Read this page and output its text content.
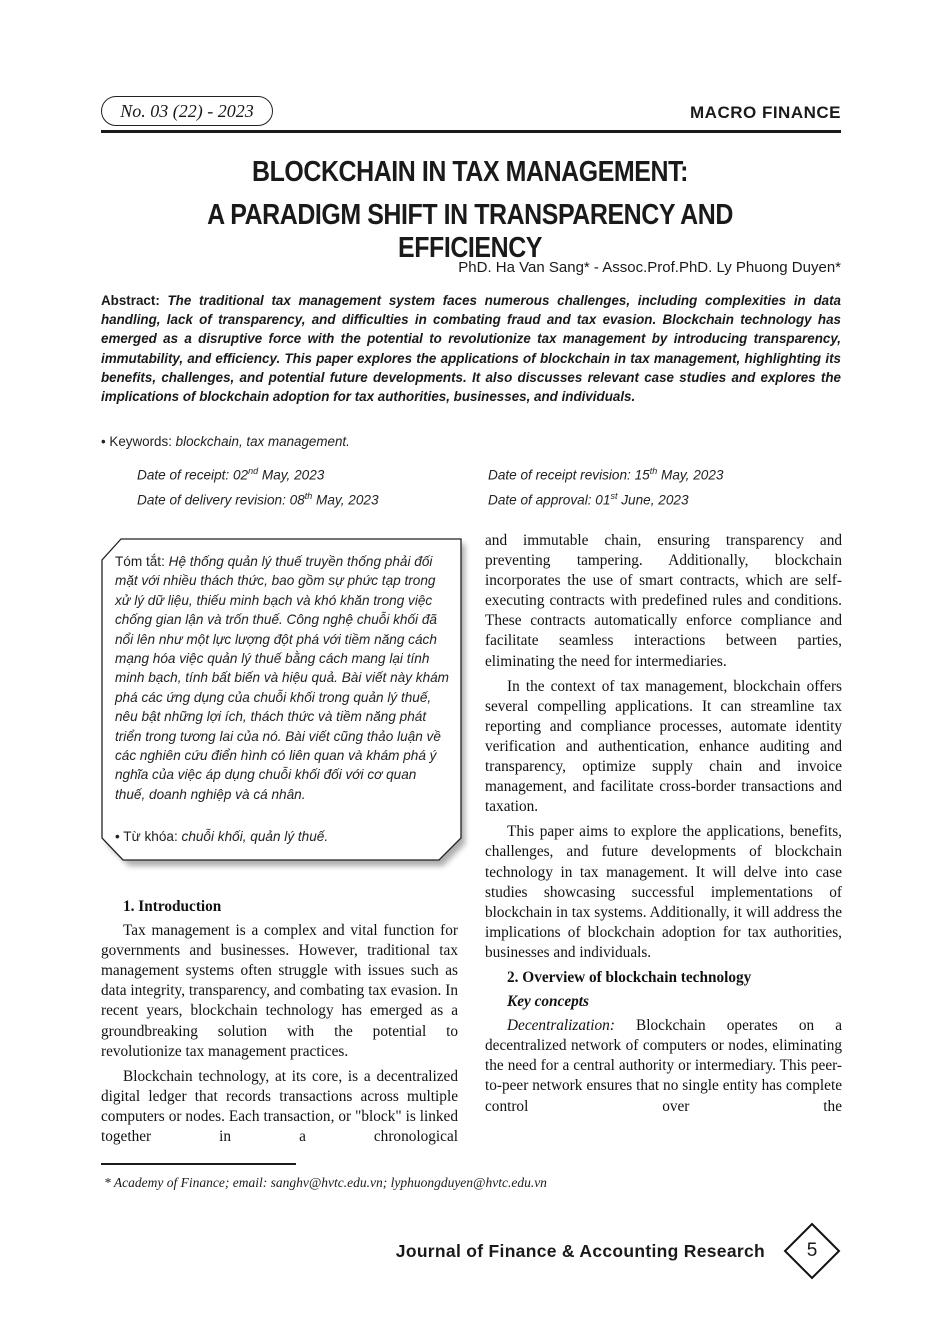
No. 03 (22) - 2023	MACRO FINANCE
BLOCKCHAIN IN TAX MANAGEMENT:
A PARADIGM SHIFT IN TRANSPARENCY AND EFFICIENCY
PhD. Ha Van Sang* - Assoc.Prof.PhD. Ly Phuong Duyen*
Abstract: The traditional tax management system faces numerous challenges, including complexities in data handling, lack of transparency, and difficulties in combating fraud and tax evasion. Blockchain technology has emerged as a disruptive force with the potential to revolutionize tax management by introducing transparency, immutability, and efficiency. This paper explores the applications of blockchain in tax management, highlighting its benefits, challenges, and potential future developments. It also discusses relevant case studies and explores the implications of blockchain adoption for tax authorities, businesses, and individuals.
• Keywords: blockchain, tax management.
Date of receipt: 02nd May, 2023	Date of receipt revision: 15th May, 2023
Date of delivery revision: 08th May, 2023	Date of approval: 01st June, 2023
Tóm tắt: Hệ thống quản lý thuế truyền thống phải đối mặt với nhiều thách thức, bao gồm sự phức tạp trong xử lý dữ liệu, thiếu minh bạch và khó khăn trong việc chống gian lận và trốn thuế. Công nghệ chuỗi khối đã nổi lên như một lực lượng đột phá với tiềm năng cách mạng hóa việc quản lý thuế bằng cách mang lại tính minh bạch, tính bất biến và hiệu quả. Bài viết này khám phá các ứng dụng của chuỗi khối trong quản lý thuế, nêu bật những lợi ích, thách thức và tiềm năng phát triển trong tương lai của nó. Bài viết cũng thảo luận về các nghiên cứu điển hình có liên quan và khám phá ý nghĩa của việc áp dụng chuỗi khối đối với cơ quan thuế, doanh nghiệp và cá nhân.
• Từ khóa: chuỗi khối, quản lý thuế.
1. Introduction

Tax management is a complex and vital function for governments and businesses. However, traditional tax management systems often struggle with issues such as data integrity, transparency, and combating tax evasion. In recent years, blockchain technology has emerged as a groundbreaking solution with the potential to revolutionize tax management practices.

Blockchain technology, at its core, is a decentralized digital ledger that records transactions across multiple computers or nodes. Each transaction, or "block" is linked together in a chronological

and immutable chain, ensuring transparency and preventing tampering. Additionally, blockchain incorporates the use of smart contracts, which are self-executing contracts with predefined rules and conditions. These contracts automatically enforce compliance and facilitate seamless interactions between parties, eliminating the need for intermediaries.

In the context of tax management, blockchain offers several compelling applications. It can streamline tax reporting and compliance processes, automate identity verification and authentication, enhance auditing and transparency, optimize supply chain and invoice management, and facilitate cross-border transactions and taxation.

This paper aims to explore the applications, benefits, challenges, and future developments of blockchain technology in tax management. It will delve into case studies showcasing successful implementations of blockchain in tax systems. Additionally, it will address the implications of blockchain adoption for tax authorities, businesses and individuals.

2. Overview of blockchain technology
Key concepts

Decentralization: Blockchain operates on a decentralized network of computers or nodes, eliminating the need for a central authority or intermediary. This peer-to-peer network ensures that no single entity has complete control over the

* Academy of Finance; email: sanghv@hvtc.edu.vn; lyphuongduyen@hvtc.edu.vn
Journal of Finance & Accounting Research	5
